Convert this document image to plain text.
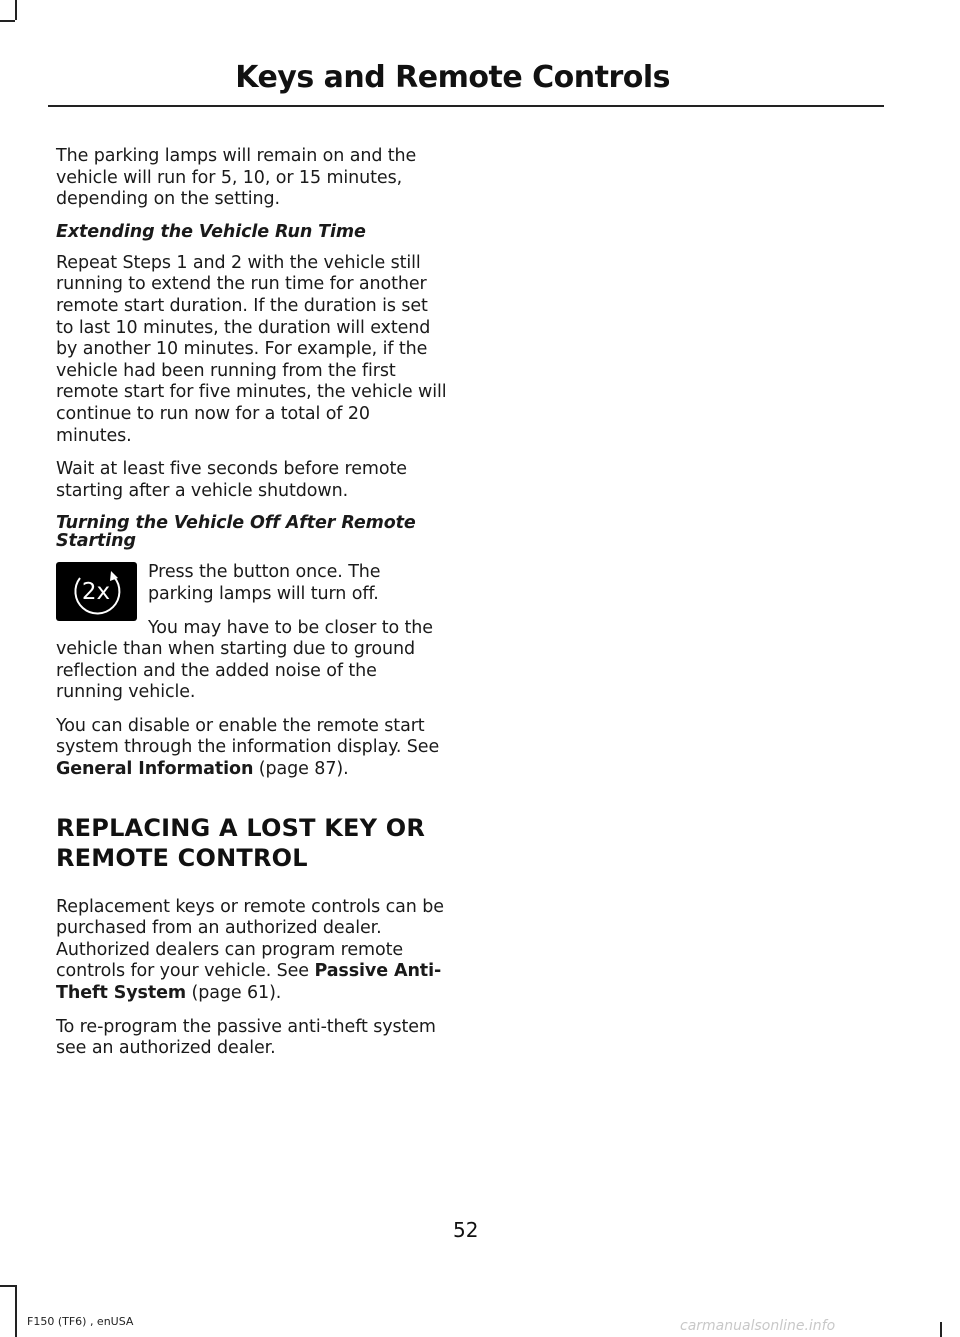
Keys and Remote Controls

The parking lamps will remain on and the vehicle will run for 5, 10, or 15 minutes, depending on the setting.

Extending the Vehicle Run Time

Repeat Steps 1 and 2 with the vehicle still running to extend the run time for another remote start duration. If the duration is set to last 10 minutes, the duration will extend by another 10 minutes. For example, if the vehicle had been running from the first remote start for five minutes, the vehicle will continue to run now for a total of 20 minutes.

Wait at least five seconds before remote starting after a vehicle shutdown.

Turning the Vehicle Off After Remote Starting

2x

Press the button once. The parking lamps will turn off.

You may have to be closer to the vehicle than when starting due to ground reflection and the added noise of the running vehicle.

You can disable or enable the remote start system through the information display. See General Information (page 87).

REPLACING A LOST KEY OR
REMOTE CONTROL

Replacement keys or remote controls can be purchased from an authorized dealer. Authorized dealers can program remote controls for your vehicle. See Passive Anti-Theft System (page 61).

To re-program the passive anti-theft system see an authorized dealer.

52
F150 (TF6) , enUSA	carmanualsonline.info
